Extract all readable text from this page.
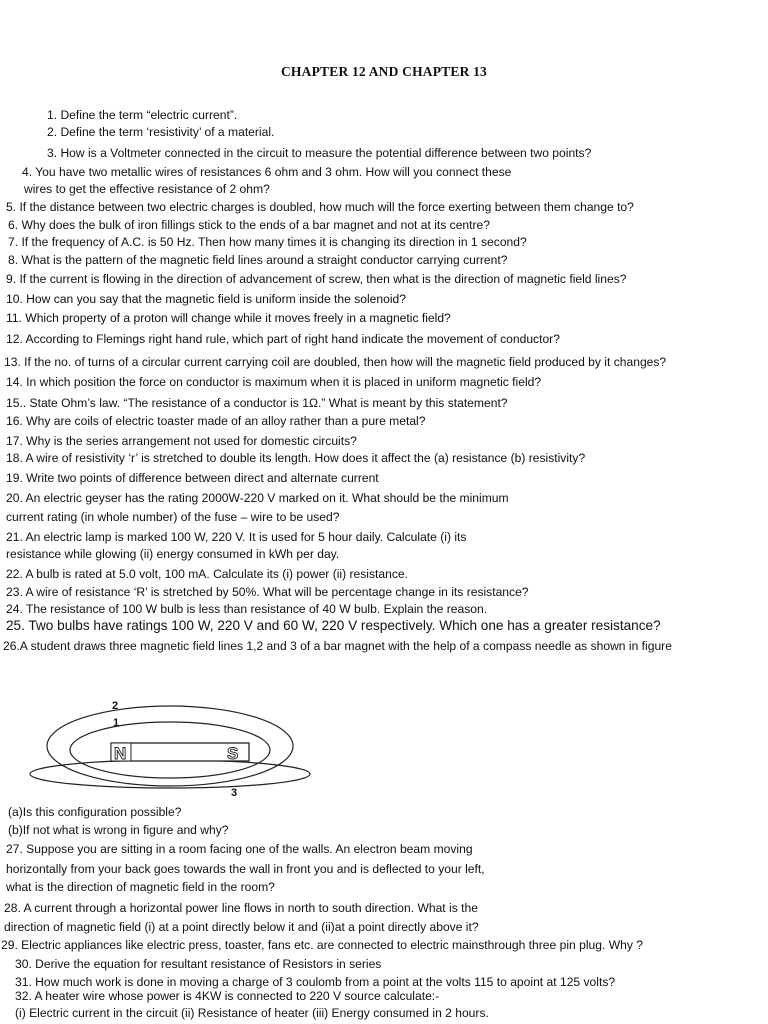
CHAPTER 12 AND CHAPTER 13
1. Define the term “electric current”.
2. Define the term ‘resistivity’ of a material.
3. How is a Voltmeter connected in the circuit to measure the potential difference between two points?
4. You have two metallic wires of resistances 6 ohm and 3 ohm. How will you connect these
wires to get the effective resistance of 2 ohm?
5. If the distance between two electric charges is doubled, how much will the force exerting between them change to?
6. Why does the bulk of iron fillings stick to the ends of a bar magnet and not at its centre?
7. If the frequency of A.C. is 50 Hz. Then how many times it is changing its direction in 1 second?
8. What is the pattern of the magnetic field lines around a straight conductor carrying current?
9. If the current is flowing in the direction of advancement of screw, then what is the direction of magnetic field lines?
10. How can you say that the magnetic field is uniform inside the solenoid?
11. Which property of a proton will change while it moves freely in a magnetic field?
12. According to Flemings right hand rule, which part of right hand indicate the movement of conductor?
13. If the no. of turns of a circular current carrying coil are doubled, then how will the magnetic field produced by it changes?
14. In which position the force on conductor is maximum when it is placed in uniform magnetic field?
15.. State Ohm’s law. “The resistance of a conductor is 1Ω.” What is meant by this statement?
16. Why are coils of electric toaster made of an alloy rather than a pure metal?
17. Why is the series arrangement not used for domestic circuits?
18. A wire of resistivity ‘r’ is stretched to double its length. How does it affect the (a) resistance (b) resistivity?
19. Write two points of difference between direct and alternate current
20. An electric geyser has the rating 2000W-220 V marked on it. What should be the minimum
current rating (in whole number) of the fuse – wire to be used?
21. An electric lamp is marked 100 W, 220 V. It is used for 5 hour daily. Calculate (i) its
resistance while glowing (ii) energy consumed in kWh per day.
22. A bulb is rated at 5.0 volt, 100 mA. Calculate its (i) power (ii) resistance.
23. A wire of resistance ‘R’ is stretched by 50%. What will be percentage change in its resistance?
24. The resistance of 100 W bulb is less than resistance of 40 W bulb. Explain the reason.
25. Two bulbs have ratings 100 W, 220 V and 60 W, 220 V respectively. Which one has a greater resistance?
26.A student draws three magnetic field lines 1,2 and 3 of a bar magnet with the help of a compass needle as shown in figure
N	S
2
1
3
(a)Is this configuration possible?
(b)If not what is wrong in figure and why?
27. Suppose you are sitting in a room facing one of the walls. An electron beam moving
horizontally from your back goes towards the wall in front you and is deflected to your left,
what is the direction of magnetic field in the room?
28. A current through a horizontal power line flows in north to south direction. What is the
direction of magnetic field (i) at a point directly below it and (ii)at a point directly above it?
29. Electric appliances like electric press, toaster, fans etc. are connected to electric mainsthrough three pin plug. Why ?
30. Derive the equation for resultant resistance of Resistors in series
31. How much work is done in moving a charge of 3 coulomb from a point at the volts 115 to apoint at 125 volts?
32. A heater wire whose power is 4KW is connected to 220 V source calculate:-
(i) Electric current in the circuit (ii) Resistance of heater (iii) Energy consumed in 2 hours.
